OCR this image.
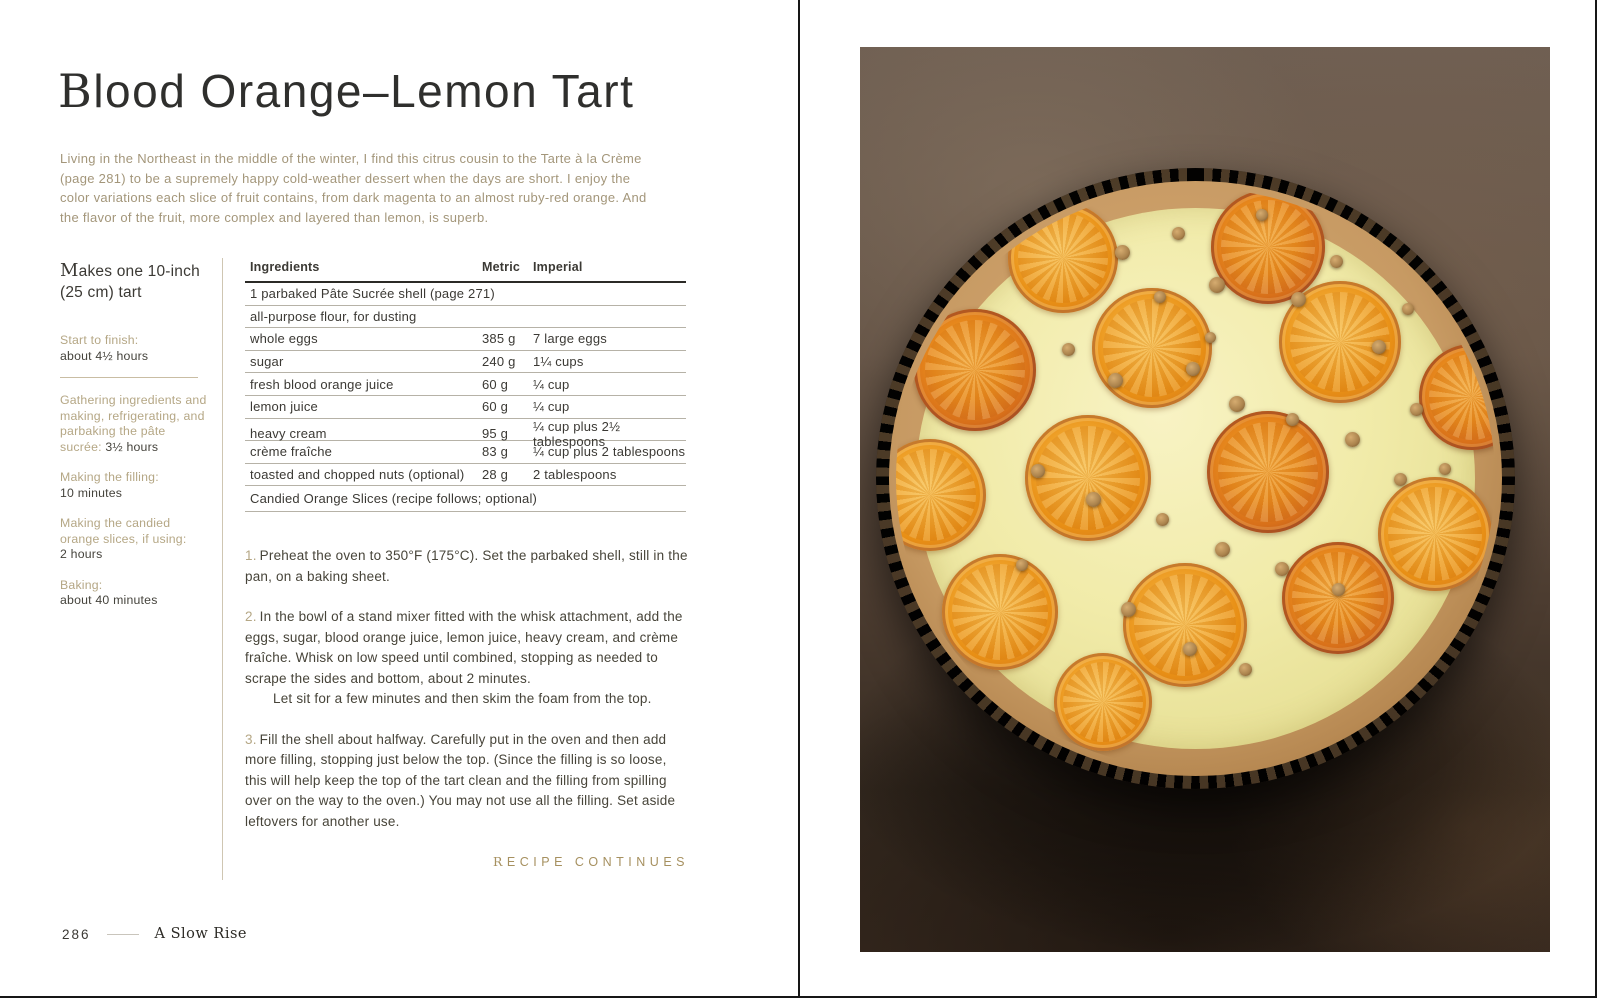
Blood Orange–Lemon Tart

Living in the Northeast in the middle of the winter, I find this citrus cousin to the Tarte à la Crème (page 281) to be a supremely happy cold-weather dessert when the days are short. I enjoy the color variations each slice of fruit contains, from dark magenta to an almost ruby-red orange. And the flavor of the fruit, more complex and layered than lemon, is superb.

Makes one 10-inch (25 cm) tart

Start to finish:
about 4½ hours

Gathering ingredients and making, refrigerating, and parbaking the pâte sucrée: 3½ hours

Making the filling:
10 minutes

Making the candied orange slices, if using:
2 hours

Baking:
about 40 minutes

Ingredients	Metric	Imperial
1 parbaked Pâte Sucrée shell (page 271)
all-purpose flour, for dusting
whole eggs	385 g	7 large eggs
sugar	240 g	1¼ cups
fresh blood orange juice	60 g	¼ cup
lemon juice	60 g	¼ cup
heavy cream	95 g	¼ cup plus 2½ tablespoons
crème fraîche	83 g	¼ cup plus 2 tablespoons
toasted and chopped nuts (optional)	28 g	2 tablespoons
Candied Orange Slices (recipe follows; optional)
1. Preheat the oven to 350°F (175°C). Set the parbaked shell, still in the pan, on a baking sheet.
2. In the bowl of a stand mixer fitted with the whisk attachment, add the eggs, sugar, blood orange juice, lemon juice, heavy cream, and crème fraîche. Whisk on low speed until combined, stopping as needed to scrape the sides and bottom, about 2 minutes.
Let sit for a few minutes and then skim the foam from the top.
3. Fill the shell about halfway. Carefully put in the oven and then add more filling, stopping just below the top. (Since the filling is so loose, this will help keep the top of the tart clean and the filling from spilling over on the way to the oven.) You may not use all the filling. Set aside leftovers for another use.
RECIPE CONTINUES
286	A Slow Rise
